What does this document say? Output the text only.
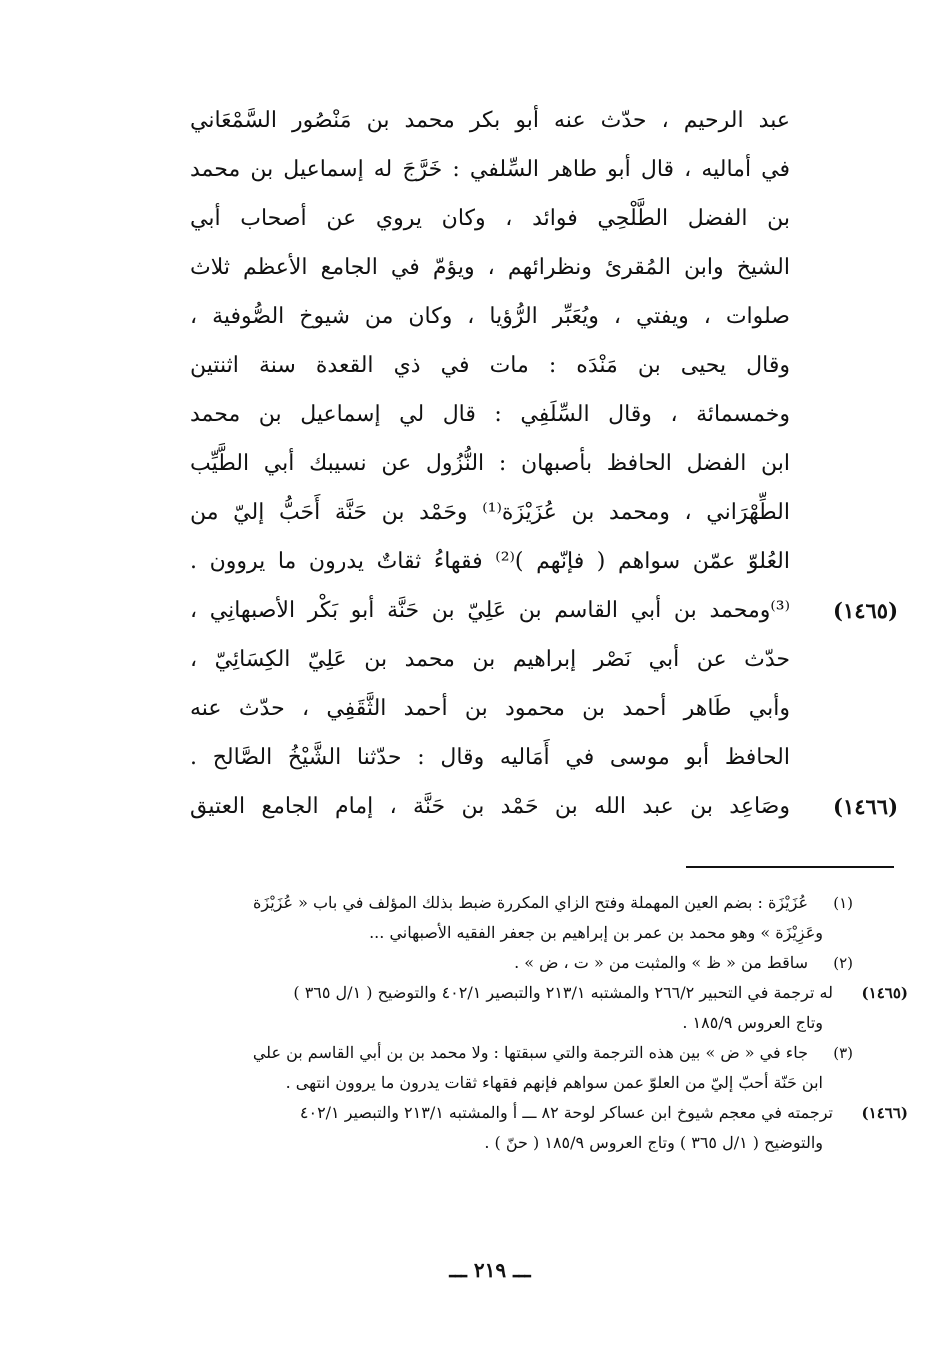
عبد الرحيم ، حدّث عنه أبو بكر محمد بن مَنْصُور السَّمْعَاني
في أماليه ، قال أبو طاهر السِّلفي : خَرَّجَ له إسماعيل بن محمد
بن الفضل الطَّلْحِي فوائد ، وكان يروي عن أصحاب أبي
الشيخ وابن المُقرئ ونظرائهم ، ويؤمّ في الجامع الأعظم ثلاث
صلوات ، ويفتي ، ويُعَبِّر الرُّؤيا ، وكان من شيوخ الصُّوفية ،
وقال يحيى بن مَنْدَه : مات في ذي القعدة سنة اثنتين
وخمسمائة ، وقال السِّلَفِي : قال لي إسماعيل بن محمد
ابن الفضل الحافظ بأصبهان : النُّزُول عن نسيبك أبي الطَّيِّب
الطِّهْرَاني ، ومحمد بن عُزَيْزَة⁽¹⁾ وحَمْد بن حَنَّة أَحَبُّ إليّ من
العُلوّ عمّن سواهم ( فإنّهم )⁽²⁾ فقهاءُ ثقاتٌ يدرون ما يروون .
(١٤٦٥)
⁽³⁾ومحمد بن أبي القاسم بن عَلِيّ بن حَنَّة أبو بَكْر الأصبهانِي ،
حدّث عن أبي نَصْر إبراهيم بن محمد بن عَلِيّ الكِسَائِيّ ،
وأبي طَاهر أحمد بن محمود بن أحمد الثَّقَفِي ، حدّث عنه
الحافظ أبو موسى في أَمَاليه وقال : حدّثنا الشَّيْخُ الصَّالح .
(١٤٦٦)
وصَاعِد بن عبد الله بن حَمْد بن حَنَّة ، إمام الجامع العتيق
(١)
عُزَيْزَة : بضم العين المهملة وفتح الزاي المكررة ضبط بذلك المؤلف في باب « عُزَيْزَة
وعَزِيْزَة » وهو محمد بن عمر بن إبراهيم بن جعفر الفقيه الأصبهاني ...
(٢)
ساقط من « ظ » والمثبت من « ت ، ض » .
(١٤٦٥)
له ترجمة في التحبير ٢٦٦/٢ والمشتبه ٢١٣/١ والتبصير ٤٠٢/١ والتوضيح ( ١/ل ٣٦٥ )
وتاج العروس ١٨٥/٩ .
(٣)
جاء في « ض » بين هذه الترجمة والتي سبقتها : ولا محمد بن بن أبي القاسم بن علي
ابن حَنّة أحبّ إليّ من العلوّ عمن سواهم فإنهم فقهاء ثقات يدرون ما يروون انتهى .
(١٤٦٦)
ترجمته في معجم شيوخ ابن عساكر لوحة ٨٢ ـــ أ والمشتبه ٢١٣/١ والتبصير ٤٠٢/١
والتوضيح ( ١/ل ٣٦٥ ) وتاج العروس ١٨٥/٩ ( حنّ ) .
ـــ ٢١٩ ـــ
